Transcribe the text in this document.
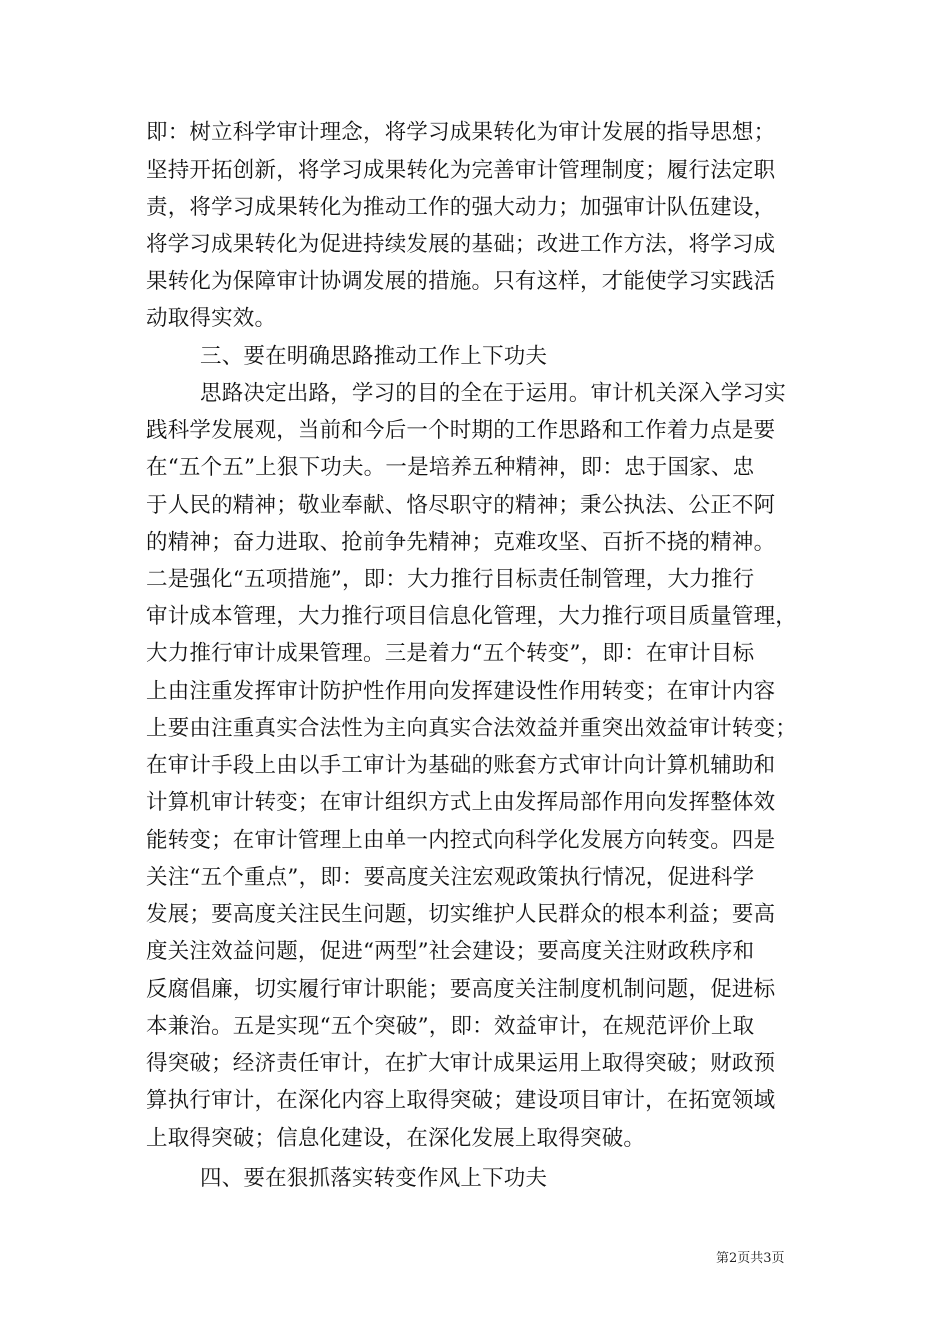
即：树立科学审计理念，将学习成果转化为审计发展的指导思想；
坚持开拓创新，将学习成果转化为完善审计管理制度；履行法定职
责，将学习成果转化为推动工作的强大动力；加强审计队伍建设，
将学习成果转化为促进持续发展的基础；改进工作方法，将学习成
果转化为保障审计协调发展的措施。只有这样，才能使学习实践活
动取得实效。
三、要在明确思路推动工作上下功夫
思路决定出路，学习的目的全在于运用。审计机关深入学习实
践科学发展观，当前和今后一个时期的工作思路和工作着力点是要
在“五个五”上狠下功夫。一是培养五种精神，即：忠于国家、忠
于人民的精神；敬业奉献、恪尽职守的精神；秉公执法、公正不阿
的精神；奋力进取、抢前争先精神；克难攻坚、百折不挠的精神。
二是强化“五项措施”，即：大力推行目标责任制管理，大力推行
审计成本管理，大力推行项目信息化管理，大力推行项目质量管理，
大力推行审计成果管理。三是着力“五个转变”，即：在审计目标
上由注重发挥审计防护性作用向发挥建设性作用转变；在审计内容
上要由注重真实合法性为主向真实合法效益并重突出效益审计转变；
在审计手段上由以手工审计为基础的账套方式审计向计算机辅助和
计算机审计转变；在审计组织方式上由发挥局部作用向发挥整体效
能转变；在审计管理上由单一内控式向科学化发展方向转变。四是
关注“五个重点”，即：要高度关注宏观政策执行情况，促进科学
发展；要高度关注民生问题，切实维护人民群众的根本利益；要高
度关注效益问题，促进“两型”社会建设；要高度关注财政秩序和
反腐倡廉，切实履行审计职能；要高度关注制度机制问题，促进标
本兼治。五是实现“五个突破”，即：效益审计，在规范评价上取
得突破；经济责任审计，在扩大审计成果运用上取得突破；财政预
算执行审计，在深化内容上取得突破；建设项目审计，在拓宽领域
上取得突破；信息化建设，在深化发展上取得突破。
四、要在狠抓落实转变作风上下功夫
第2页共3页
